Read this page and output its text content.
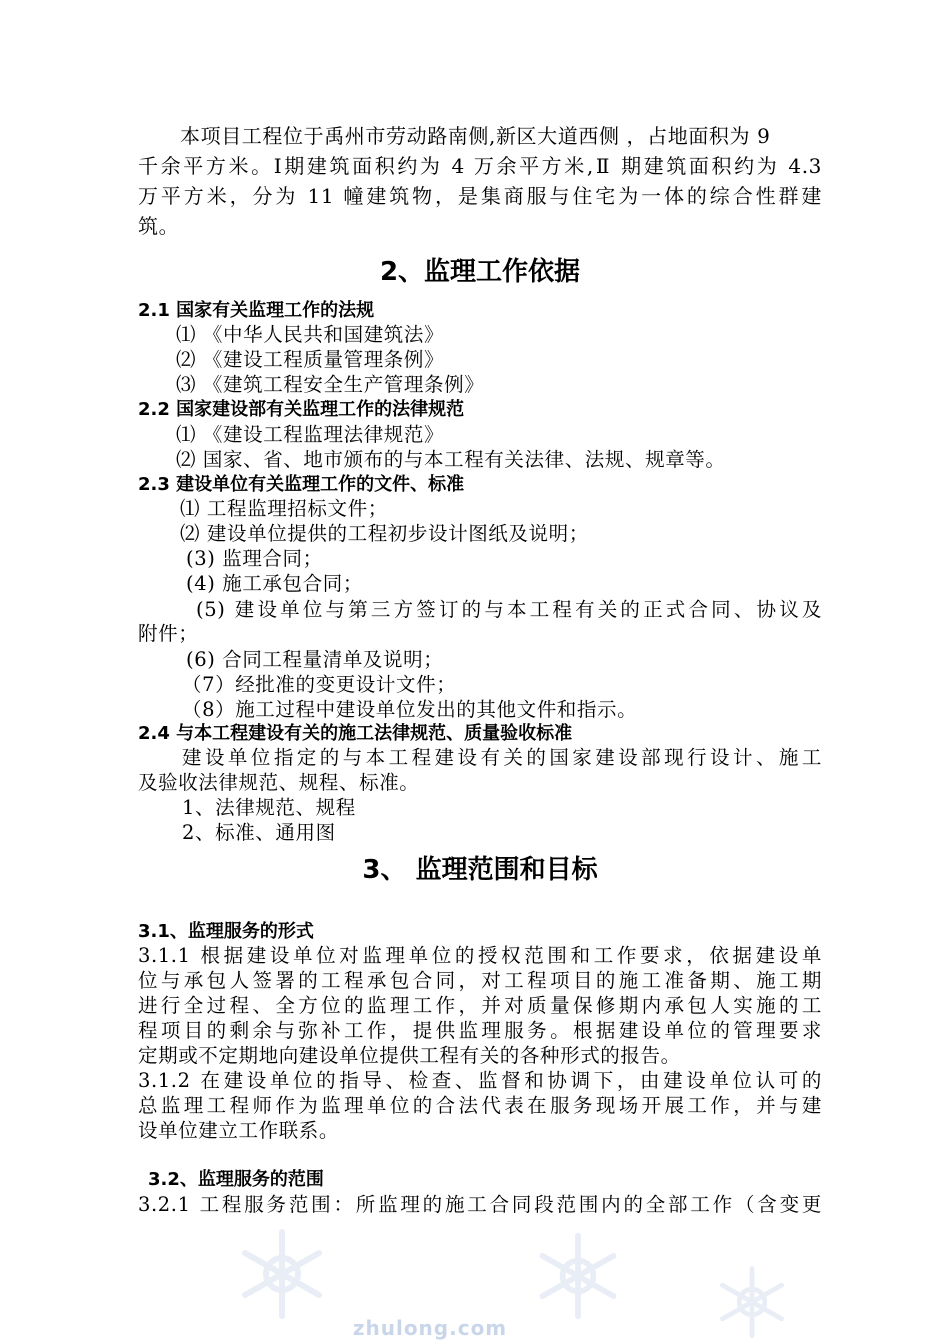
本项目工程位于禹州市劳动路南侧,新区大道西侧 ，占地面积为 9
千余平方米。Ⅰ期建筑面积约为 4 万余平方米,Ⅱ 期建筑面积约为 4.3
万平方米，分为 11 幢建筑物，是集商服与住宅为一体的综合性群建
筑。
2、监理工作依据
2.1 国家有关监理工作的法规
⑴ 《中华人民共和国建筑法》
⑵ 《建设工程质量管理条例》
⑶ 《建筑工程安全生产管理条例》
2.2 国家建设部有关监理工作的法律规范
⑴ 《建设工程监理法律规范》
⑵ 国家、省、地市颁布的与本工程有关法律、法规、规章等。
2.3 建设单位有关监理工作的文件、标准
⑴ 工程监理招标文件；
⑵ 建设单位提供的工程初步设计图纸及说明；
(3) 监理合同；
(4) 施工承包合同；
(5) 建设单位与第三方签订的与本工程有关的正式合同、协议及
附件；
(6) 合同工程量清单及说明；
（7）经批准的变更设计文件；
（8）施工过程中建设单位发出的其他文件和指示。
2.4 与本工程建设有关的施工法律规范、质量验收标准
建设单位指定的与本工程建设有关的国家建设部现行设计、施工
及验收法律规范、规程、标准。
1、法律规范、规程
2、标准、通用图
3、 监理范围和目标
3.1、监理服务的形式
3.1.1 根据建设单位对监理单位的授权范围和工作要求，依据建设单
位与承包人签署的工程承包合同，对工程项目的施工准备期、施工期
进行全过程、全方位的监理工作，并对质量保修期内承包人实施的工
程项目的剩余与弥补工作，提供监理服务。根据建设单位的管理要求
定期或不定期地向建设单位提供工程有关的各种形式的报告。
3.1.2 在建设单位的指导、检查、监督和协调下，由建设单位认可的
总监理工程师作为监理单位的合法代表在服务现场开展工作，并与建
设单位建立工作联系。
3.2、监理服务的范围
3.2.1 工程服务范围：所监理的施工合同段范围内的全部工作（含变更
zhulong.com
